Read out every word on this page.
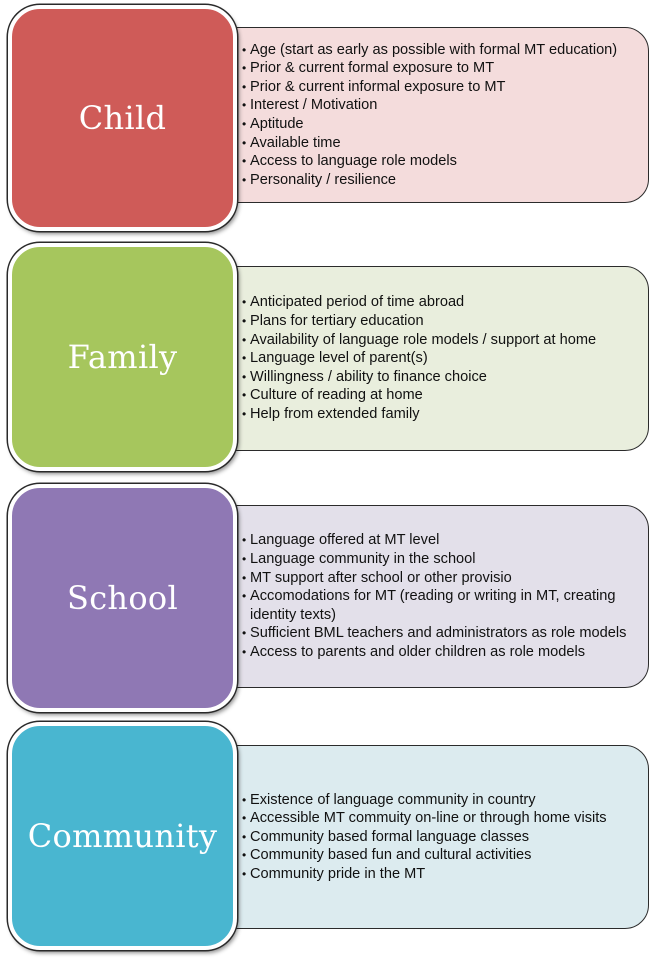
• Age (start as early as possible with formal MT education)
• Prior & current formal exposure to MT
• Prior & current informal exposure to MT
• Interest / Motivation
• Aptitude
• Available time
• Access to language role models
• Personality / resilience
Child
• Anticipated period of time abroad
• Plans for tertiary education
• Availability of language role models / support at home
• Language level of parent(s)
• Willingness / ability to finance choice
• Culture of reading at home
• Help from extended family
Family
• Language offered at MT level
• Language community in the school
• MT support after school or other provisio
• Accomodations for MT (reading or writing in MT, creating identity texts)
• Sufficient BML teachers and administrators as role models
• Access to parents and older children as role models
School
• Existence of language community in country
• Accessible MT commuity on-line or through home visits
• Community based formal language classes
• Community based fun and cultural activities
• Community pride in the MT
Community
